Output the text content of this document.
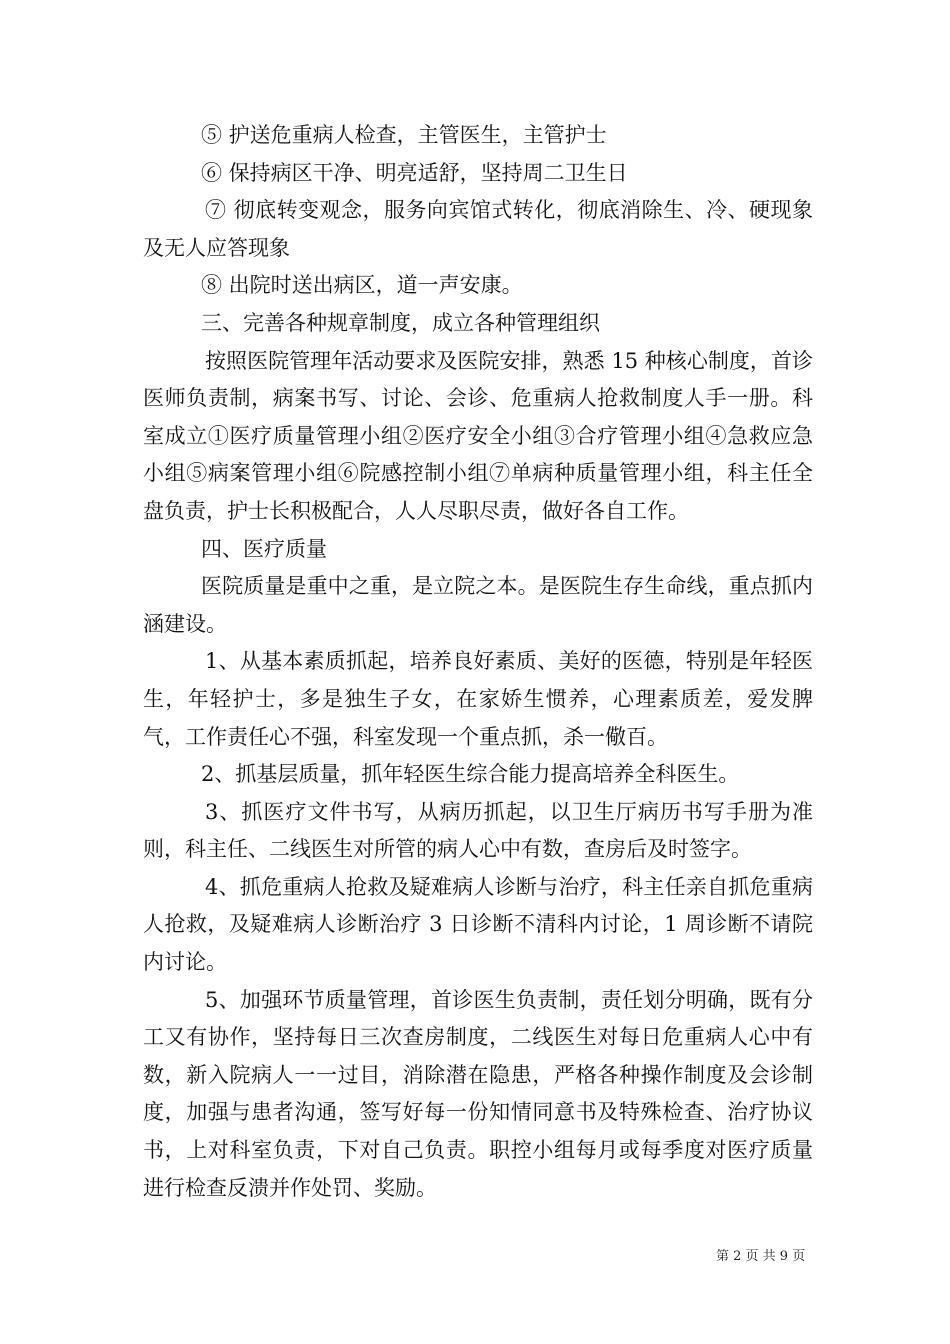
⑤ 护送危重病人检查，主管医生，主管护士

⑥ 保持病区干净、明亮适舒，坚持周二卫生日

⑦ 彻底转变观念，服务向宾馆式转化，彻底消除生、冷、硬现象及无人应答现象

⑧ 出院时送出病区，道一声安康。

三、完善各种规章制度，成立各种管理组织

按照医院管理年活动要求及医院安排，熟悉 15 种核心制度，首诊医师负责制，病案书写、讨论、会诊、危重病人抢救制度人手一册。科室成立①医疗质量管理小组②医疗安全小组③合疗管理小组④急救应急小组⑤病案管理小组⑥院感控制小组⑦单病种质量管理小组，科主任全盘负责，护士长积极配合，人人尽职尽责，做好各自工作。

四、医疗质量

医院质量是重中之重，是立院之本。是医院生存生命线，重点抓内涵建设。

1、从基本素质抓起，培养良好素质、美好的医德，特别是年轻医生，年轻护士，多是独生子女，在家娇生惯养，心理素质差，爱发脾气，工作责任心不强，科室发现一个重点抓，杀一儆百。

2、抓基层质量，抓年轻医生综合能力提高培养全科医生。

3、抓医疗文件书写，从病历抓起，以卫生厅病历书写手册为准则，科主任、二线医生对所管的病人心中有数，查房后及时签字。

4、抓危重病人抢救及疑难病人诊断与治疗，科主任亲自抓危重病人抢救，及疑难病人诊断治疗 3 日诊断不清科内讨论，1 周诊断不请院内讨论。

5、加强环节质量管理，首诊医生负责制，责任划分明确，既有分工又有协作，坚持每日三次查房制度，二线医生对每日危重病人心中有数，新入院病人一一过目，消除潜在隐患，严格各种操作制度及会诊制度，加强与患者沟通，签写好每一份知情同意书及特殊检查、治疗协议书，上对科室负责，下对自己负责。职控小组每月或每季度对医疗质量进行检查反溃并作处罚、奖励。

第 2 页 共 9 页
